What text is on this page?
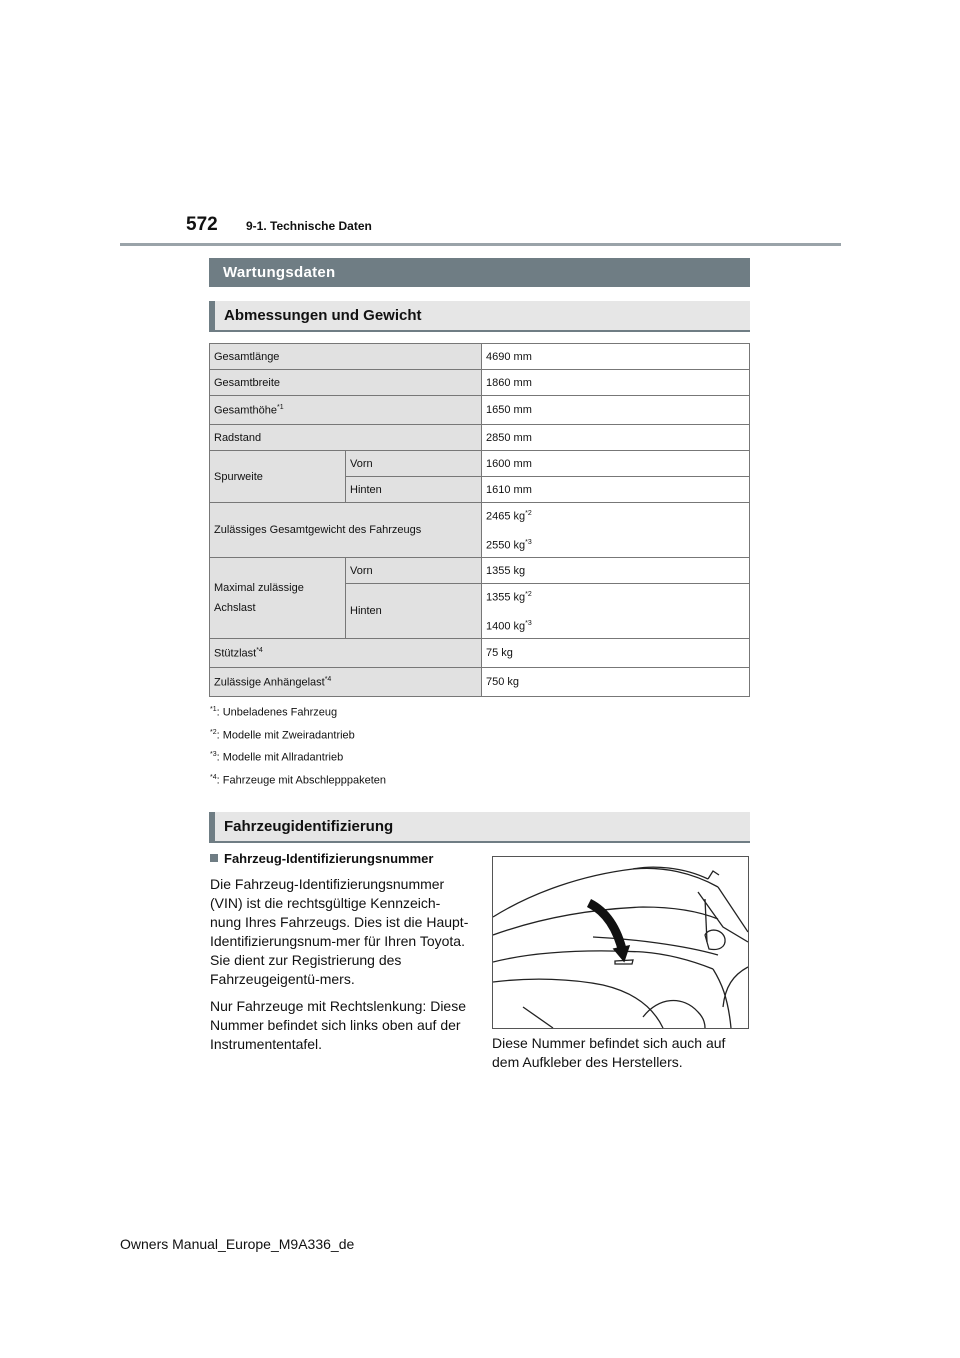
572 9-1. Technische Daten
Wartungsdaten
Abmessungen und Gewicht
Gesamtlänge		4690 mm
Gesamtbreite		1860 mm
Gesamthöhe$^{*1}$		1650 mm
Radstand		2850 mm
Spurweite	Vorn	1600 mm
	Hinten	1610 mm
Zulässiges Gesamtgewicht des Fahrzeugs		2465 $kg^{*2}$
2550 $kg^{*3}$

Maximal zulässige
Achslast	Vorn	1355 kg
	Hinten	1355 $kg^{*2}$
1400 $kg^{*3}$

Stützlast$^{*4}$		75 kg
Zulässige Anhängelast$^{*4}$		750 kg
$^{*1}$: Unbeladenes Fahrzeug
$^{*2}$: Modelle mit Zweiradantrieb
$^{*3}$: Modelle mit Allradantrieb
$^{*4}$: Fahrzeuge mit Abschlepppaketen
Fahrzeugidentifizierung
Fahrzeug-Identifizierungsnummer

Die Fahrzeug-Identifizierungsnummer (VIN) ist die rechtsgültige Kennzeich-nung Ihres Fahrzeugs. Dies ist die Haupt-Identifizierungsnum-mer für Ihren Toyota. Sie dient zur Registrierung des Fahrzeugeigentü-mers.

Nur Fahrzeuge mit Rechtslenkung: Diese Nummer befindet sich links oben auf der Instrumententafel.	Diese Nummer befindet sich auch auf dem Aufkleber des Herstellers.
Owners Manual_Europe_M9A336_de
